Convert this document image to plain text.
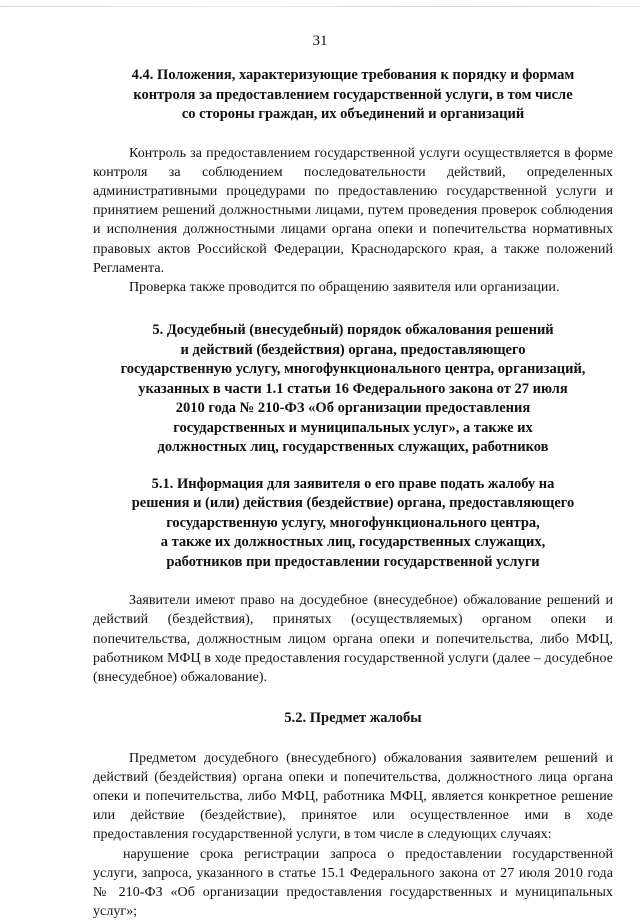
31
4.4. Положения, характеризующие требования к порядку и формам
контроля за предоставлением государственной услуги, в том числе
со стороны граждан, их объединений и организаций

Контроль за предоставлением государственной услуги осуществляется в форме контроля за соблюдением последовательности действий, определенных административными процедурами по предоставлению государственной услуги и принятием решений должностными лицами, путем проведения проверок соблюдения и исполнения должностными лицами органа опеки и попечительства нормативных правовых актов Российской Федерации, Краснодарского края, а также положений Регламента.

Проверка также проводится по обращению заявителя или организации.

5. Досудебный (внесудебный) порядок обжалования решений
и действий (бездействия) органа, предоставляющего
государственную услугу, многофункционального центра, организаций,
указанных в части 1.1 статьи 16 Федерального закона от 27 июля
2010 года № 210-ФЗ «Об организации предоставления
государственных и муниципальных услуг», а также их
должностных лиц, государственных служащих, работников
5.1. Информация для заявителя о его праве подать жалобу на
решения и (или) действия (бездействие) органа, предоставляющего
государственную услугу, многофункционального центра,
а также их должностных лиц, государственных служащих,
работников при предоставлении государственной услуги

Заявители имеют право на досудебное (внесудебное) обжалование решений и действий (бездействия), принятых (осуществляемых) органом опеки и попечительства, должностным лицом органа опеки и попечительства, либо МФЦ, работником МФЦ в ходе предоставления государственной услуги (далее – досудебное (внесудебное) обжалование).

5.2. Предмет жалобы

Предметом досудебного (внесудебного) обжалования заявителем решений и действий (бездействия) органа опеки и попечительства, должностного лица органа опеки и попечительства, либо МФЦ, работника МФЦ, является конкретное решение или действие (бездействие), принятое или осуществленное ими в ходе предоставления государственной услуги, в том числе в следующих случаях:

нарушение срока регистрации запроса о предоставлении государственной услуги, запроса, указанного в статье 15.1 Федерального закона от 27 июля 2010 года № 210-ФЗ «Об организации предоставления государственных и муниципальных услуг»;
